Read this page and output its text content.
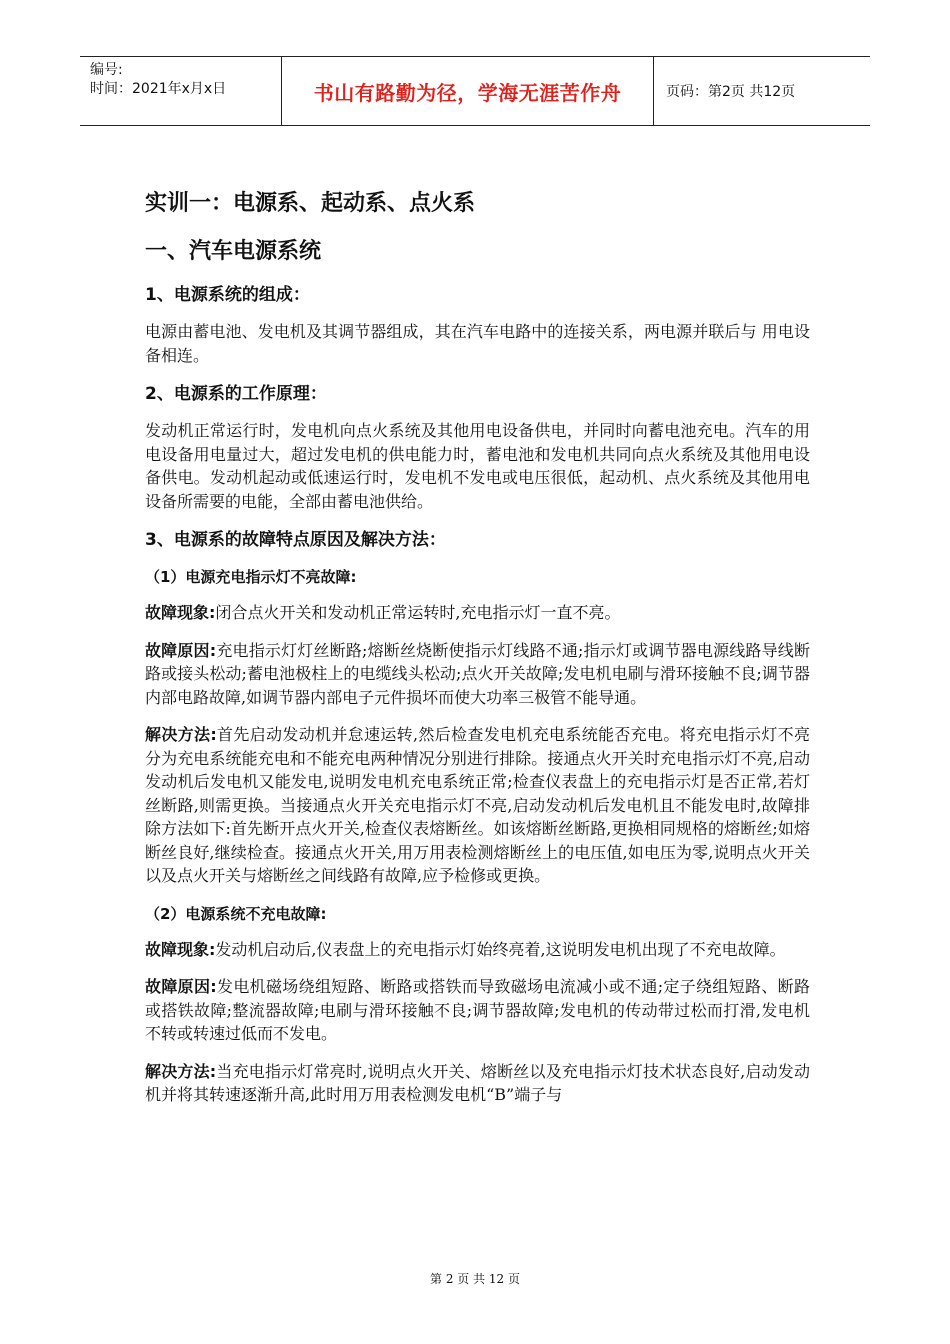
编号:
时间：2021年x月x日	书山有路勤为径，学海无涯苦作舟	页码：第2页 共12页
实训一：电源系、起动系、点火系
一、汽车电源系统
1、电源系统的组成：

电源由蓄电池、发电机及其调节器组成，其在汽车电路中的连接关系，两电源并联后与 用电设备相连。

2、电源系的工作原理：

发动机正常运行时，发电机向点火系统及其他用电设备供电，并同时向蓄电池充电。汽车的用电设备用电量过大，超过发电机的供电能力时，蓄电池和发电机共同向点火系统及其他用电设备供电。发动机起动或低速运行时，发电机不发电或电压很低，起动机、点火系统及其他用电设备所需要的电能，全部由蓄电池供给。

3、电源系的故障特点原因及解决方法：
（1）电源充电指示灯不亮故障:

故障现象:闭合点火开关和发动机正常运转时,充电指示灯一直不亮。

故障原因:充电指示灯灯丝断路;熔断丝烧断使指示灯线路不通;指示灯或调节器电源线路导线断路或接头松动;蓄电池极柱上的电缆线头松动;点火开关故障;发电机电刷与滑环接触不良;调节器内部电路故障,如调节器内部电子元件损坏而使大功率三极管不能导通。

解决方法:首先启动发动机并怠速运转,然后检查发电机充电系统能否充电。将充电指示灯不亮分为充电系统能充电和不能充电两种情况分别进行排除。接通点火开关时充电指示灯不亮,启动发动机后发电机又能发电,说明发电机充电系统正常;检查仪表盘上的充电指示灯是否正常,若灯丝断路,则需更换。当接通点火开关充电指示灯不亮,启动发动机后发电机且不能发电时,故障排除方法如下:首先断开点火开关,检查仪表熔断丝。如该熔断丝断路,更换相同规格的熔断丝;如熔断丝良好,继续检查。接通点火开关,用万用表检测熔断丝上的电压值,如电压为零,说明点火开关以及点火开关与熔断丝之间线路有故障,应予检修或更换。

（2）电源系统不充电故障:

故障现象:发动机启动后,仪表盘上的充电指示灯始终亮着,这说明发电机出现了不充电故障。

故障原因:发电机磁场绕组短路、断路或搭铁而导致磁场电流减小或不通;定子绕组短路、断路或搭铁故障;整流器故障;电刷与滑环接触不良;调节器故障;发电机的传动带过松而打滑,发电机不转或转速过低而不发电。

解决方法:当充电指示灯常亮时,说明点火开关、熔断丝以及充电指示灯技术状态良好,启动发动机并将其转速逐渐升高,此时用万用表检测发电机“B”端子与

第 2 页 共 12 页
